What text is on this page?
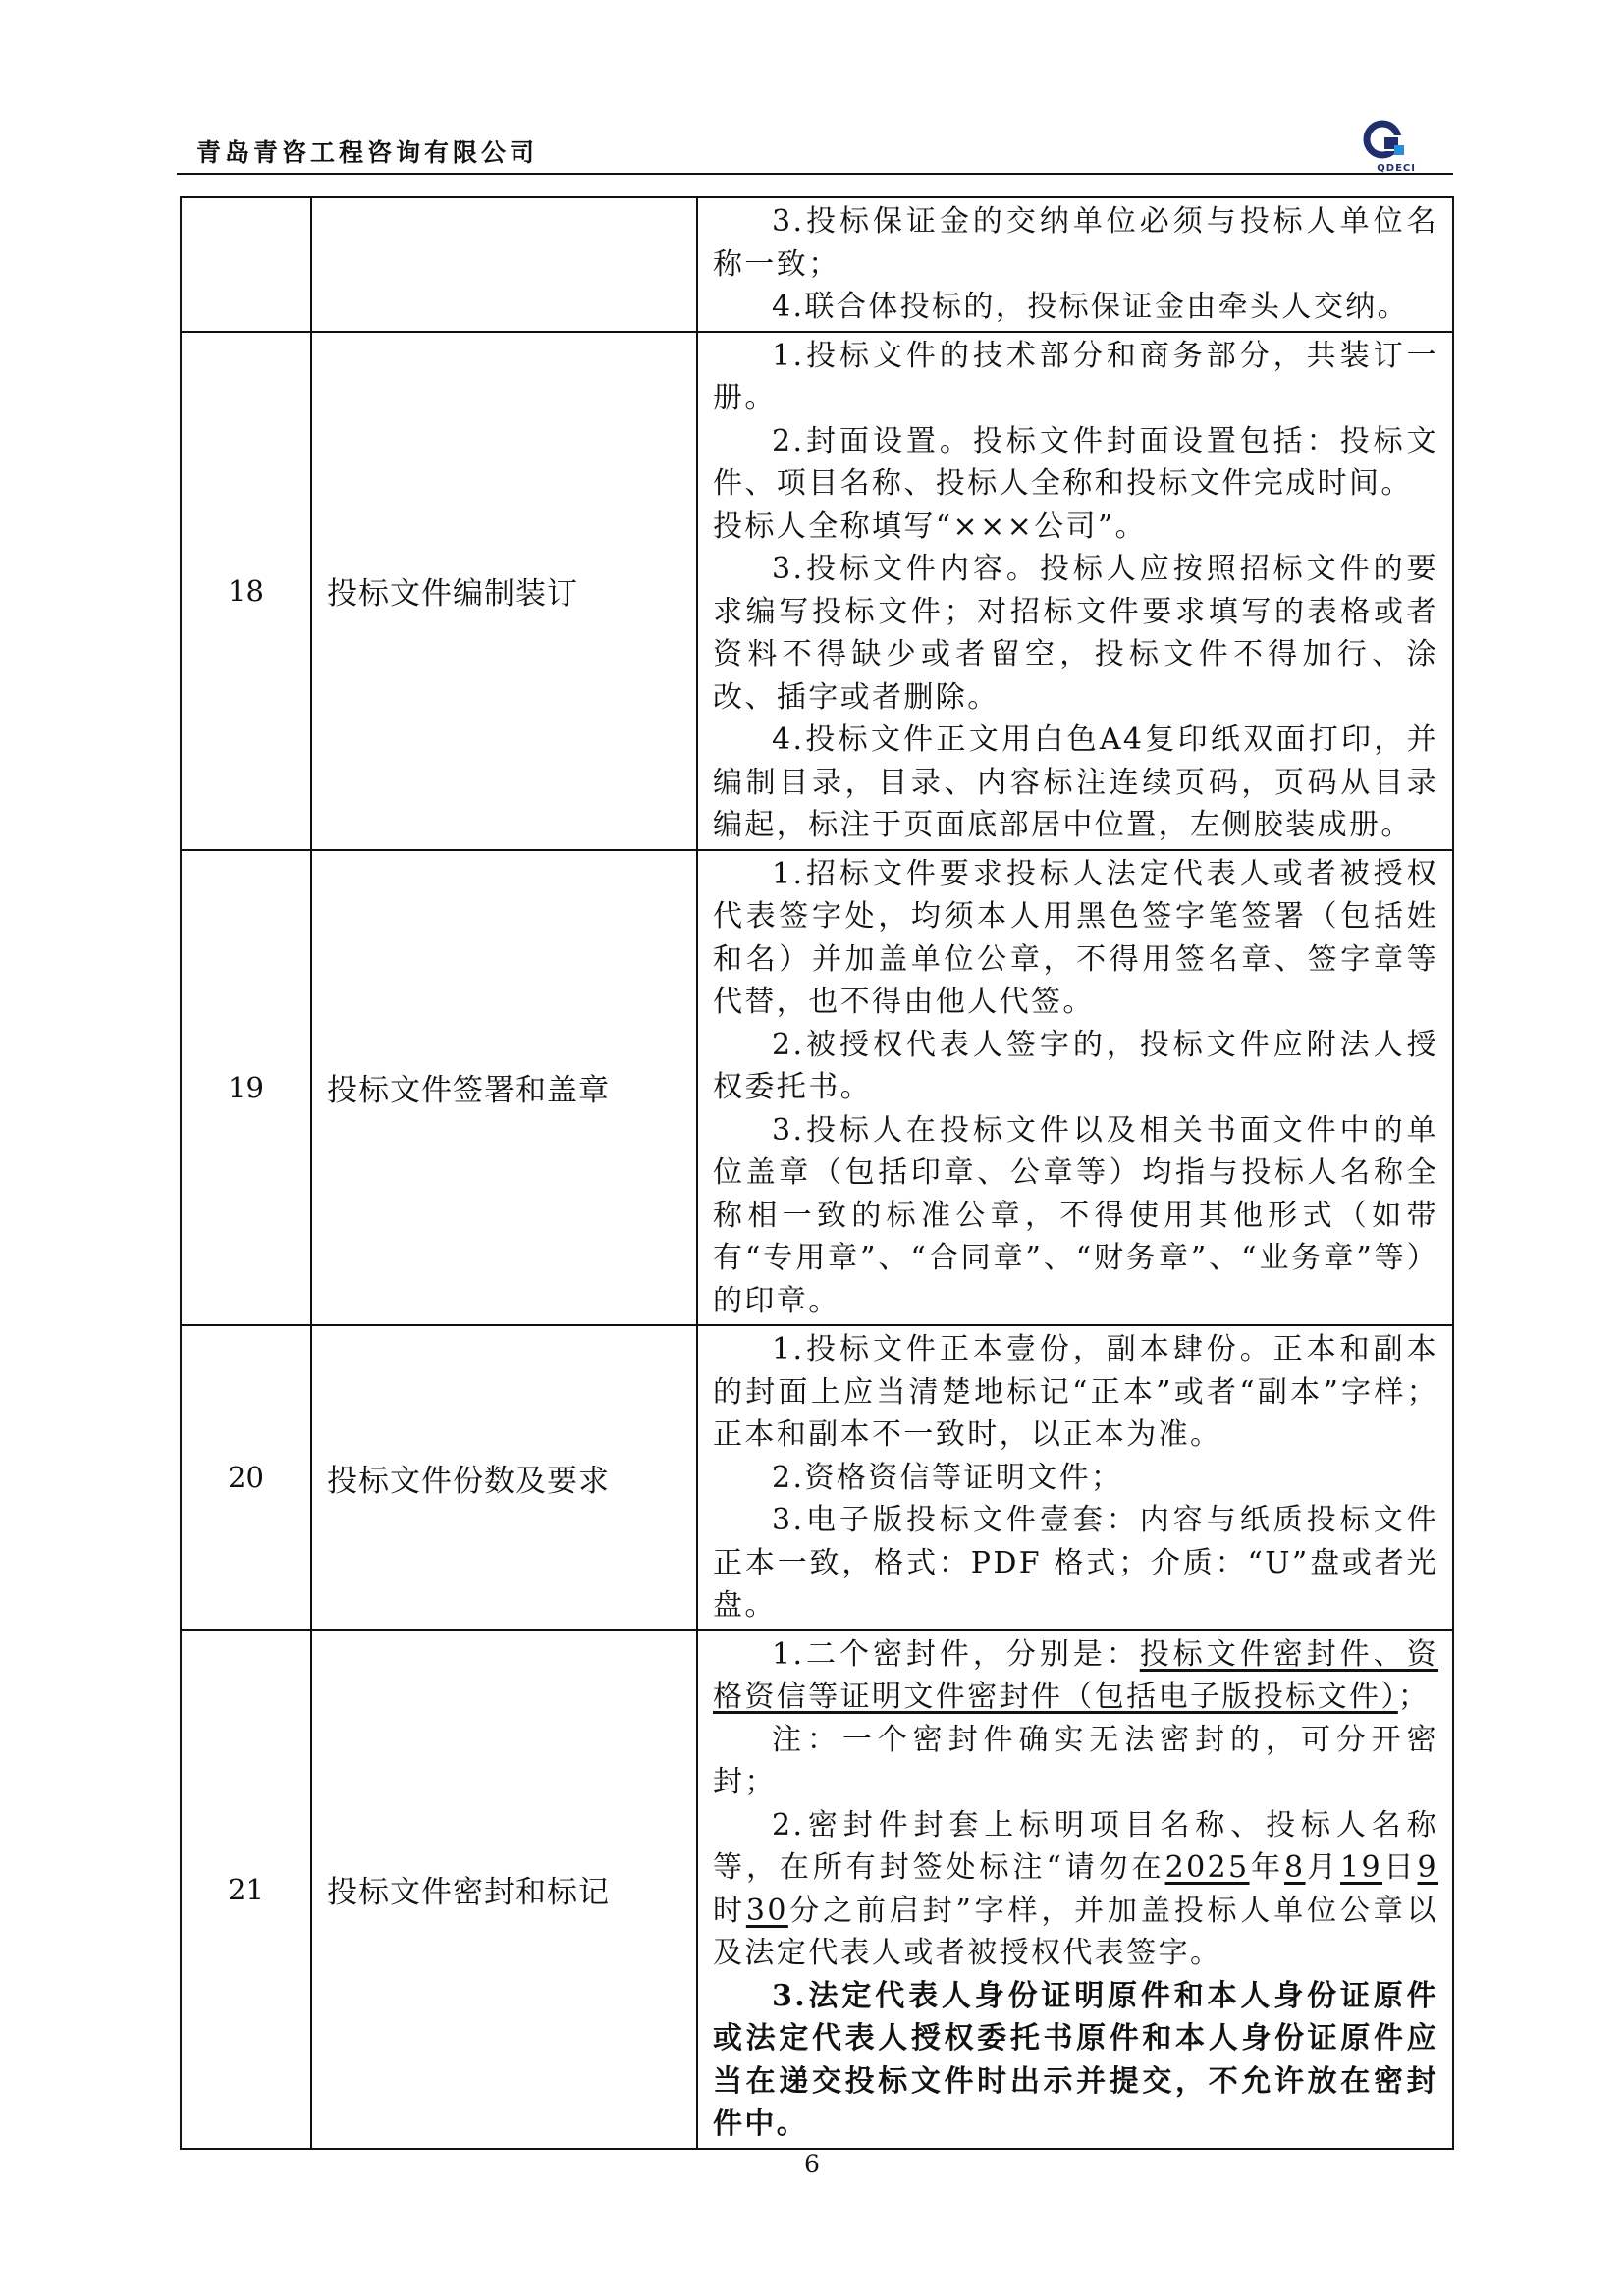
青岛青咨工程咨询有限公司
QDECI

		3.投标保证金的交纳单位必须与投标人单位名称一致；

4.联合体投标的，投标保证金由牵头人交纳。

18	投标文件编制装订	1.投标文件的技术部分和商务部分，共装订一册。

2.封面设置。投标文件封面设置包括：投标文件、项目名称、投标人全称和投标文件完成时间。

投标人全称填写“×××公司”。

3.投标文件内容。投标人应按照招标文件的要求编写投标文件；对招标文件要求填写的表格或者资料不得缺少或者留空，投标文件不得加行、涂改、插字或者删除。

4.投标文件正文用白色A4复印纸双面打印，并编制目录，目录、内容标注连续页码，页码从目录编起，标注于页面底部居中位置，左侧胶装成册。

19	投标文件签署和盖章	1.招标文件要求投标人法定代表人或者被授权代表签字处，均须本人用黑色签字笔签署（包括姓和名）并加盖单位公章，不得用签名章、签字章等代替，也不得由他人代签。

2.被授权代表人签字的，投标文件应附法人授权委托书。

3.投标人在投标文件以及相关书面文件中的单位盖章（包括印章、公章等）均指与投标人名称全称相一致的标准公章，不得使用其他形式（如带有“专用章”、“合同章”、“财务章”、“业务章”等）的印章。

20	投标文件份数及要求	1.投标文件正本壹份，副本肆份。正本和副本的封面上应当清楚地标记“正本”或者“副本”字样；正本和副本不一致时，以正本为准。

2.资格资信等证明文件；

3.电子版投标文件壹套：内容与纸质投标文件正本一致，格式：PDF 格式；介质：“U”盘或者光盘。

21	投标文件密封和标记	1.二个密封件，分别是：投标文件密封件、资格资信等证明文件密封件（包括电子版投标文件）；

注：一个密封件确实无法密封的，可分开密封；

2.密封件封套上标明项目名称、投标人名称等，在所有封签处标注“请勿在2025年8月19日9时30分之前启封”字样，并加盖投标人单位公章以及法定代表人或者被授权代表签字。

3.法定代表人身份证明原件和本人身份证原件或法定代表人授权委托书原件和本人身份证原件应当在递交投标文件时出示并提交，不允许放在密封件中。

6
